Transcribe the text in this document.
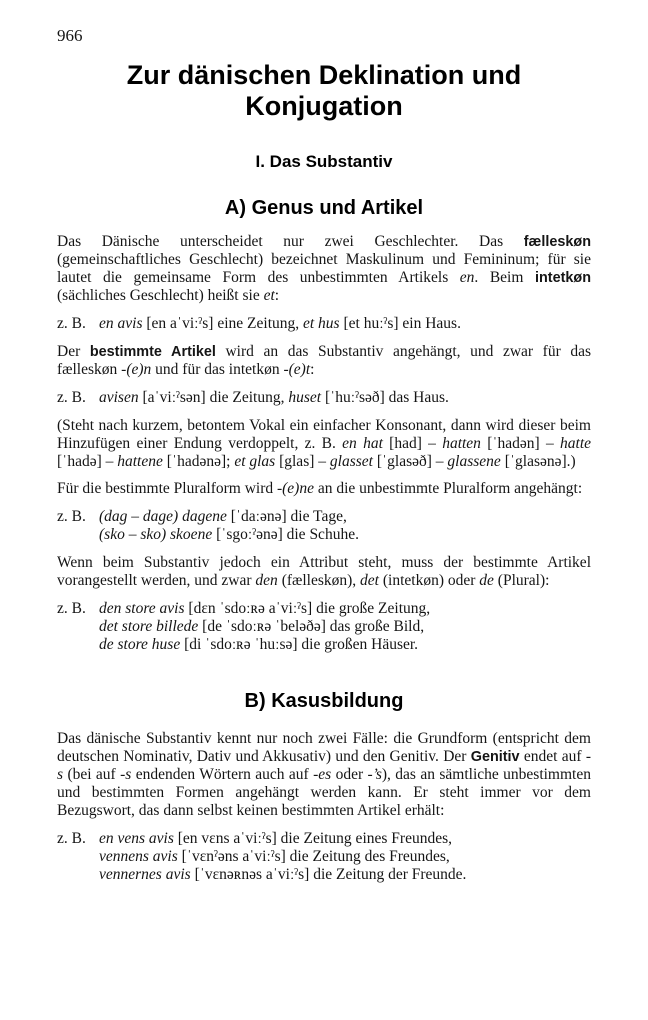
966
Zur dänischen Deklination und Konjugation
I. Das Substantiv
A) Genus und Artikel

Das Dänische unterscheidet nur zwei Geschlechter. Das fælleskøn (gemeinschaftliches Geschlecht) bezeichnet Maskulinum und Femininum; für sie lautet die gemeinsame Form des unbestimmten Artikels en. Beim intetkøn (sächliches Geschlecht) heißt sie et:

z. B. en avis [en aˈviːˀs] eine Zeitung, et hus [et huːˀs] ein Haus.

Der bestimmte Artikel wird an das Substantiv angehängt, und zwar für das fælleskøn -(e)n und für das intetkøn -(e)t:

z. B. avisen [aˈviːˀsən] die Zeitung, huset [ˈhuːˀsəð] das Haus.

(Steht nach kurzem, betontem Vokal ein einfacher Konsonant, dann wird dieser beim Hinzufügen einer Endung verdoppelt, z. B. en hat [had] – hatten [ˈhadən] – hatte [ˈhadə] – hattene [ˈhadənə]; et glas [glas] – glasset [ˈglasəð] – glassene [ˈglasənə].)

Für die bestimmte Pluralform wird -(e)ne an die unbestimmte Pluralform angehängt:

z. B. (dag – dage) dagene [ˈdaːənə] die Tage,

(sko – sko) skoene [ˈsgoːˀənə] die Schuhe.

Wenn beim Substantiv jedoch ein Attribut steht, muss der bestimmte Artikel vorangestellt werden, und zwar den (fælleskøn), det (intetkøn) oder de (Plural):

z. B. den store avis [dɛn ˈsdoːʀə aˈviːˀs] die große Zeitung,

det store billede [de ˈsdoːʀə ˈbeləðə] das große Bild,

de store huse [di ˈsdoːʀə ˈhuːsə] die großen Häuser.

B) Kasusbildung

Das dänische Substantiv kennt nur noch zwei Fälle: die Grundform (entspricht dem deutschen Nominativ, Dativ und Akkusativ) und den Genitiv. Der Genitiv endet auf -s (bei auf -s endenden Wörtern auch auf -es oder -’s), das an sämtliche unbestimmten und bestimmten Formen angehängt werden kann. Er steht immer vor dem Bezugswort, das dann selbst keinen bestimmten Artikel erhält:

z. B. en vens avis [en vɛns aˈviːˀs] die Zeitung eines Freundes,

vennens avis [ˈvɛnˀəns aˈviːˀs] die Zeitung des Freundes,

vennernes avis [ˈvɛnəʀnəs aˈviːˀs] die Zeitung der Freunde.
